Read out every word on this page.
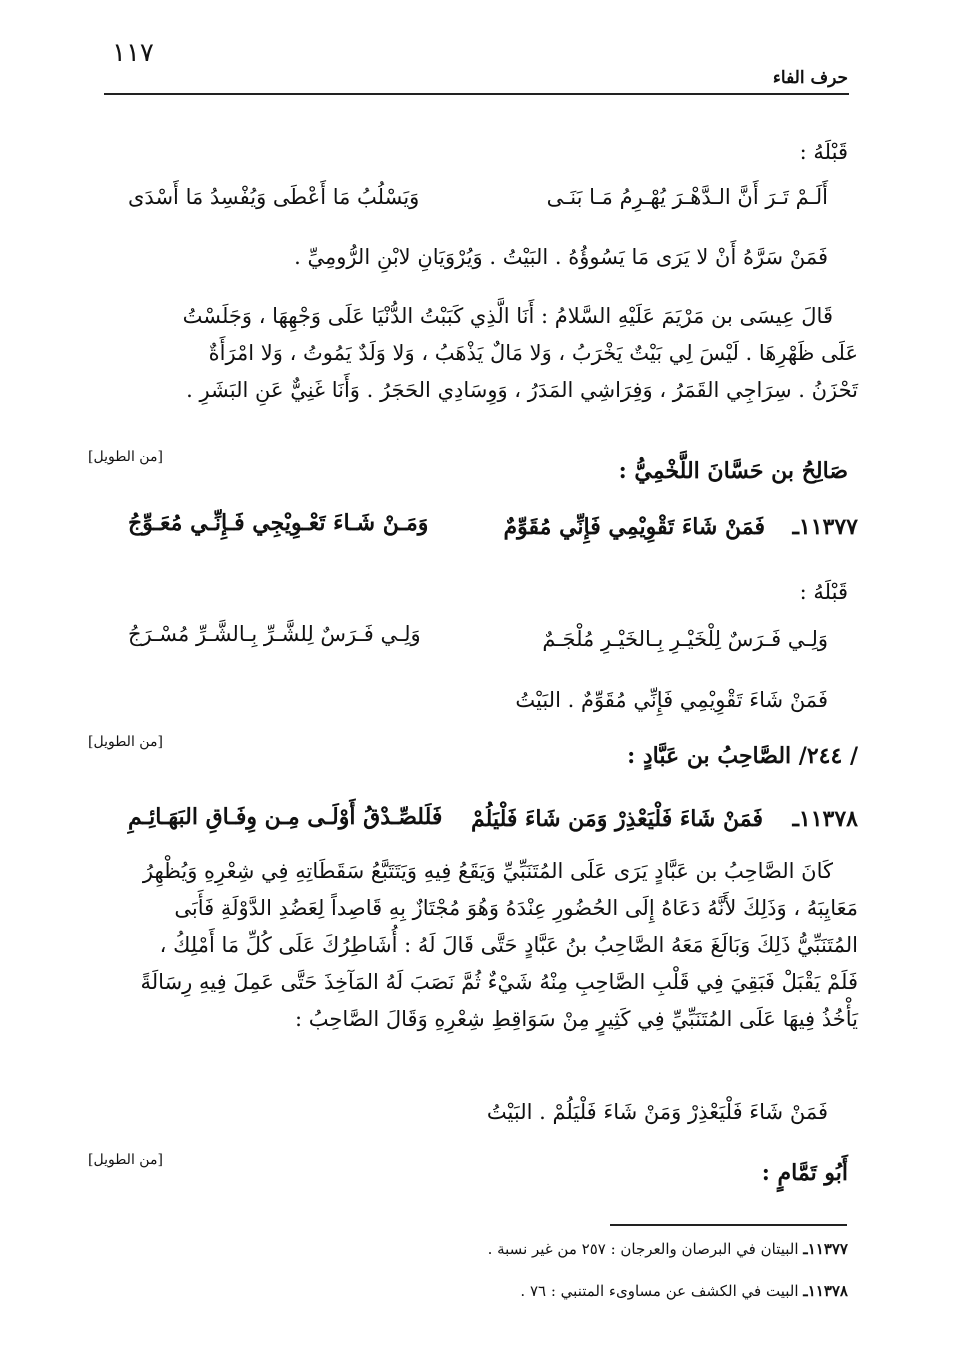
١١٧
حرف الفاء
قَبْلَهُ :
أَلَـمْ تَـرَ أَنَّ الـدَّهْـرَ يُهْـرِمُ مَـا بَنَـى
وَيَسْلُبُ مَا أَعْطَى وَيُفْسِدُ مَا أَسْدَى
فَمَنْ سَرَّهُ أَنْ لا يَرَى مَا يَسُوؤُهُ . البَيْتُ . وَيُرْوَيَانِ لابْنِ الرُّومِيِّ .
قَالَ عِيسَى بن مَرْيَمَ عَلَيْهِ السَّلامُ : أَنَا الَّذِي كَبَبْتُ الدُّنْيَا عَلَى وَجْهِهَا ، وَجَلَسْتُ
عَلَى ظَهْرِهَا . لَيْسَ لِي بَيْتٌ يَخْرَبُ ، وَلا مَالٌ يَذْهَبُ ، وَلا وَلَدٌ يَمُوتُ ، وَلا امْرَأَةٌ
تَحْزَنُ . سِرَاجِي القَمَرُ ، وَفِرَاشِي المَدَرُ ، وَوِسَادِي الحَجَرُ . وَأَنَا غَنِيٌّ عَنِ البَشَرِ .
صَالِحُ بن حَسَّانَ اللَّخْمِيُّ :
[من الطويل]
١١٣٧٧ـ
فَمَنْ شَاءَ تَقْوِيْمِي فَإِنِّي مُقَوِّمٌ
وَمَـنْ شَـاءَ تَعْـوِيْجِي فَـإِنِّـي مُعَـوِّجُ
قَبْلَهُ :
وَلِـي فَـرَسٌ لِلْخَيْـرِ بِـالخَيْـرِ مُلْجَـمٌ
وَلِـي فَـرَسٌ لِلشَّـرِّ بِـالشَّـرِّ مُسْـرَجُ
فَمَنْ شَاءَ تَقْوِيْمِي فَإِنِّي مُقَوِّمٌ . البَيْتُ
/ ٢٤٤/ الصَّاحِبُ بن عَبَّادٍ :
[من الطويل]
١١٣٧٨ـ
فَمَنْ شَاءَ فَلْيَعْذِرْ وَمَن شَاءَ فَلْيَلُمْ
فَلَلصِّـدْقُ أَوْلَـى مِـن وِفَـاقِ البَهَـائِـمِ
كَانَ الصَّاحِبُ بن عَبَّادٍ يَرَى عَلَى المُتَنَبِّيِّ وَيَقَعُ فِيهِ وَيَتَتَبَّعُ سَقَطَاتِهِ فِي شِعْرِهِ وَيُظْهِرُ
مَعَايِبَهُ ، وَذَلِكَ لأَنَّهُ دَعَاهُ إِلَى الحُضُورِ عِنْدَهُ وَهُوَ مُجْتَازٌ بِهِ قَاصِداً لِعَضُدِ الدَّوْلَةِ فَأَبَى
المُتَنَبِّيُّ ذَلِكَ وَبَالَغَ مَعَهُ الصَّاحِبُ بنُ عَبَّادٍ حَتَّى قَالَ لَهُ : أُشَاطِرُكَ عَلَى كُلِّ مَا أَمْلِكُ ،
فَلَمْ يَقْبَلْ فَبَقِيَ فِي قَلْبِ الصَّاحِبِ مِنْهُ شَيْءٌ ثُمَّ نَصَبَ لَهُ المَآخِذَ حَتَّى عَمِلَ فِيهِ رِسَالَةً
يَأْخُذُ فِيهَا عَلَى المُتَنَبِّيِّ فِي كَثِيرٍ مِنْ سَوَاقِطِ شِعْرِهِ وَقَالَ الصَّاحِبُ :
فَمَنْ شَاءَ فَلْيَعْذِرْ وَمَنْ شَاءَ فَلْيَلُمْ . البَيْتُ
أَبُو تَمَّامٍ :
[من الطويل]
١١٣٧٧ـ البيتان في البرصان والعرجان : ٢٥٧ من غير نسبة .
١١٣٧٨ـ البيت في الكشف عن مساوىء المتنبي : ٧٦ .
